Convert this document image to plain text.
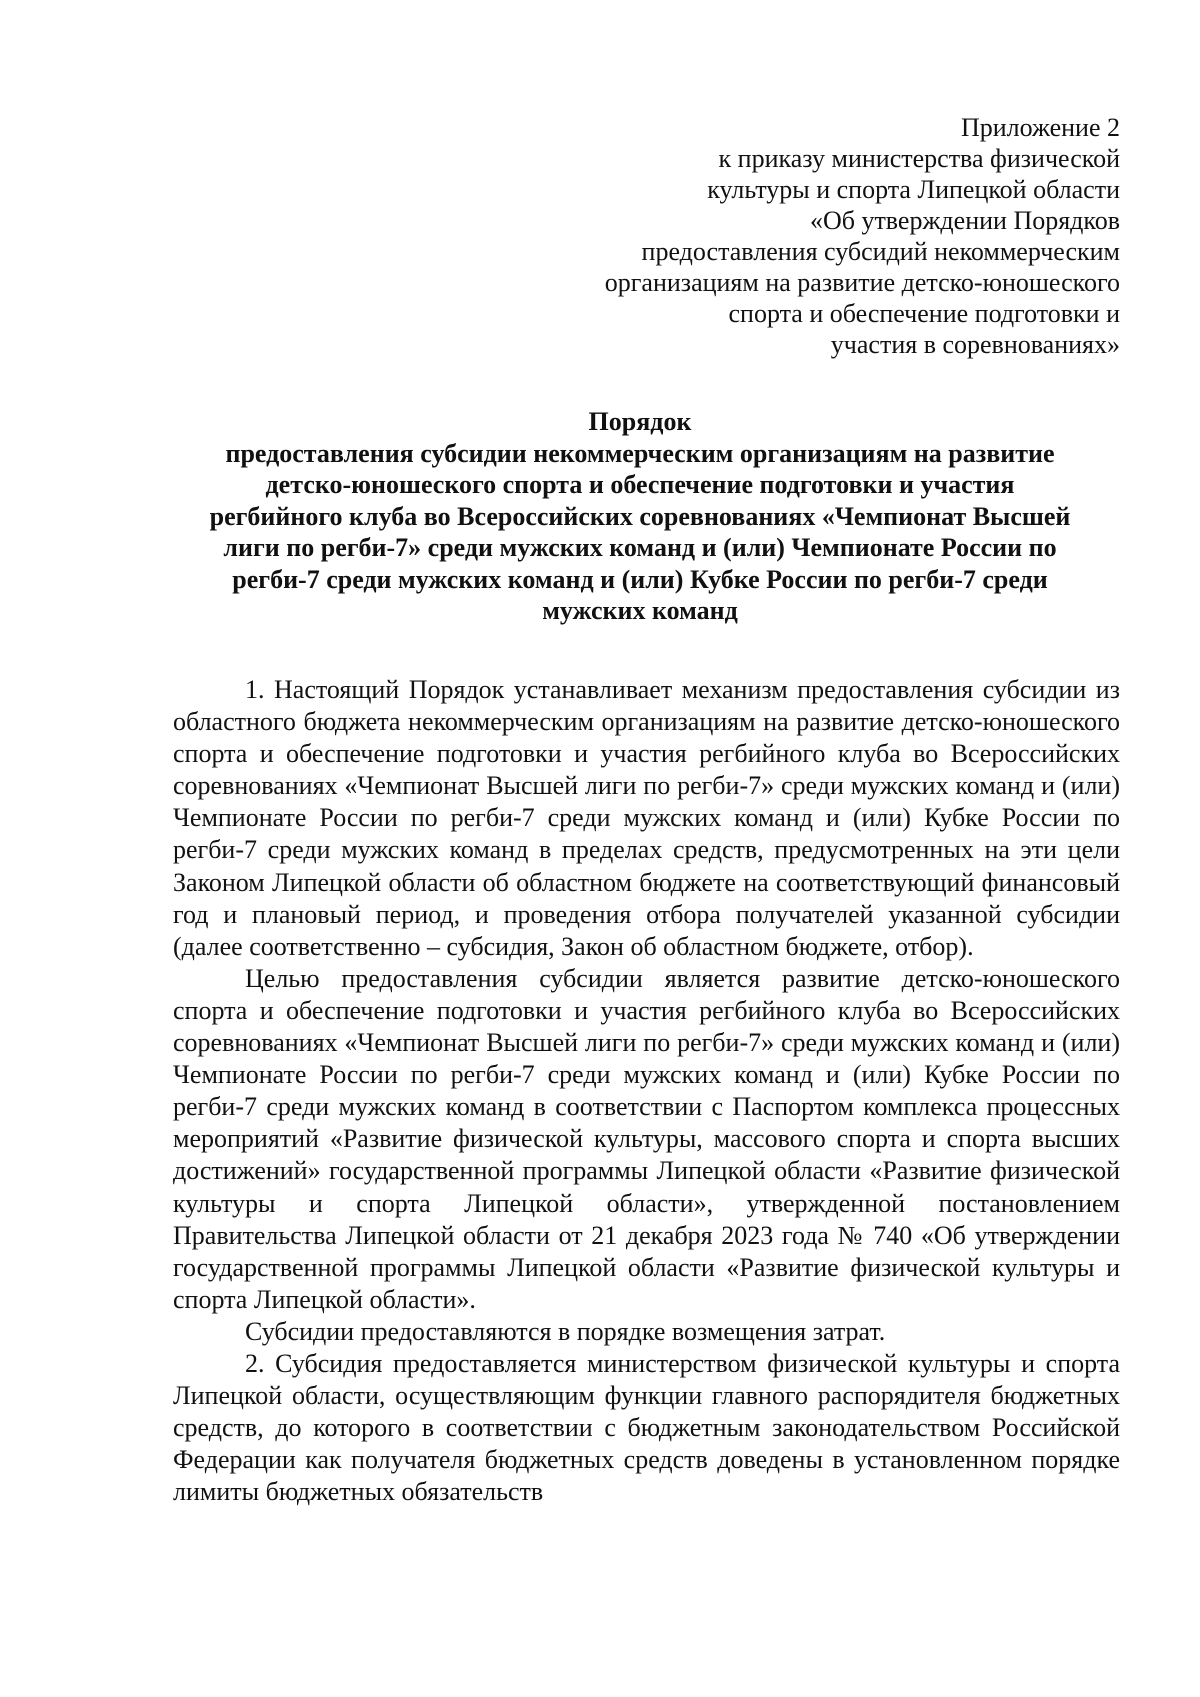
Приложение 2
к приказу министерства физической
культуры и спорта Липецкой области
«Об утверждении Порядков
предоставления субсидий некоммерческим
организациям на развитие детско-юношеского
спорта и обеспечение подготовки и
участия в соревнованиях»
Порядок
предоставления субсидии некоммерческим организациям на развитие
детско-юношеского спорта и обеспечение подготовки и участия
регбийного клуба во Всероссийских соревнованиях «Чемпионат Высшей
лиги по регби-7» среди мужских команд и (или) Чемпионате России по
регби-7 среди мужских команд и (или) Кубке России по регби-7 среди
мужских команд

1. Настоящий Порядок устанавливает механизм предоставления субсидии из областного бюджета некоммерческим организациям на развитие детско-юношеского спорта и обеспечение подготовки и участия регбийного клуба во Всероссийских соревнованиях «Чемпионат Высшей лиги по регби-7» среди мужских команд и (или) Чемпионате России по регби-7 среди мужских команд и (или) Кубке России по регби-7 среди мужских команд в пределах средств, предусмотренных на эти цели Законом Липецкой области об областном бюджете на соответствующий финансовый год и плановый период, и проведения отбора получателей указанной субсидии (далее соответственно – субсидия, Закон об областном бюджете, отбор).

Целью предоставления субсидии является развитие детско-юношеского спорта и обеспечение подготовки и участия регбийного клуба во Всероссийских соревнованиях «Чемпионат Высшей лиги по регби-7» среди мужских команд и (или) Чемпионате России по регби-7 среди мужских команд и (или) Кубке России по регби-7 среди мужских команд в соответствии с Паспортом комплекса процессных мероприятий «Развитие физической культуры, массового спорта и спорта высших достижений» государственной программы Липецкой области «Развитие физической культуры и спорта Липецкой области», утвержденной постановлением Правительства Липецкой области от 21 декабря 2023 года № 740 «Об утверждении государственной программы Липецкой области «Развитие физической культуры и спорта Липецкой области».

Субсидии предоставляются в порядке возмещения затрат.

2. Субсидия предоставляется министерством физической культуры и спорта Липецкой области, осуществляющим функции главного распорядителя бюджетных средств, до которого в соответствии с бюджетным законодательством Российской Федерации как получателя бюджетных средств доведены в установленном порядке лимиты бюджетных обязательств
